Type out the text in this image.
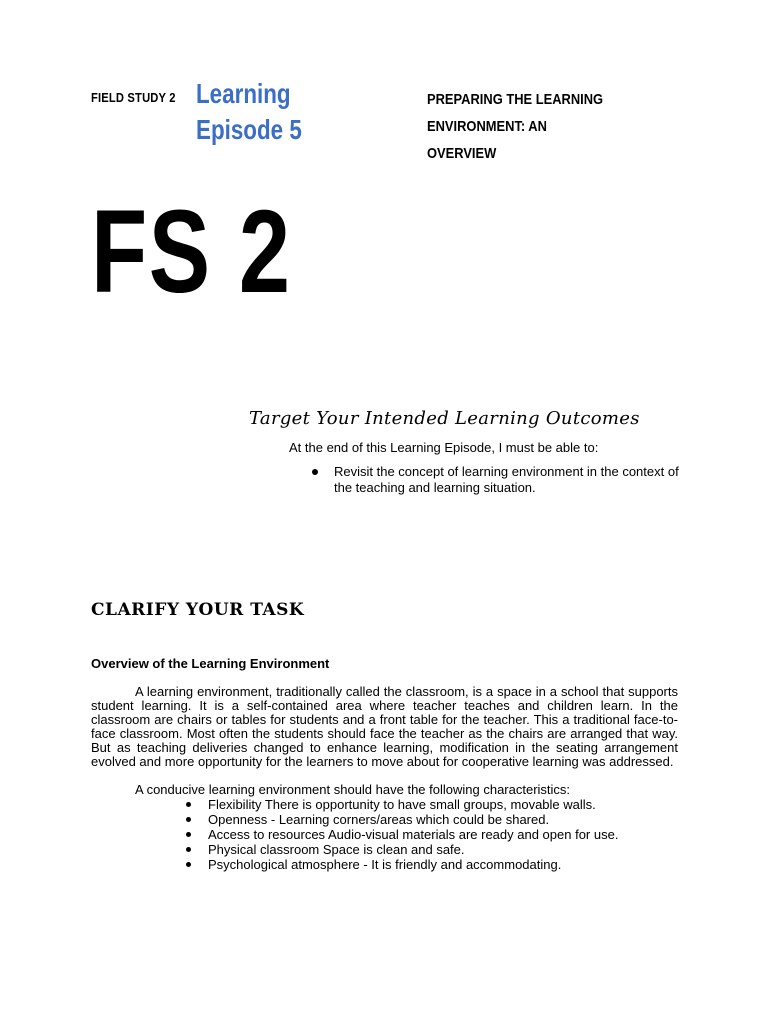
FIELD STUDY 2 Learning
Episode 5
PREPARING THE LEARNING
ENVIRONMENT: AN
OVERVIEW
FS 2
Target Your Intended Learning Outcomes
At the end of this Learning Episode, I must be able to:
Revisit the concept of learning environment in the context of the teaching and learning situation.
CLARIFY YOUR TASK
Overview of the Learning Environment

A learning environment, traditionally called the classroom, is a space in a school that supports student learning. It is a self-contained area where teacher teaches and children learn. In the classroom are chairs or tables for students and a front table for the teacher. This a traditional face-to-face classroom. Most often the students should face the teacher as the chairs are arranged that way. But as teaching deliveries changed to enhance learning, modification in the seating arrangement evolved and more opportunity for the learners to move about for cooperative learning was addressed.

A conducive learning environment should have the following characteristics:
Flexibility There is opportunity to have small groups, movable walls.
Openness - Learning corners/areas which could be shared.
Access to resources Audio-visual materials are ready and open for use.
Physical classroom Space is clean and safe.
Psychological atmosphere - It is friendly and accommodating.
